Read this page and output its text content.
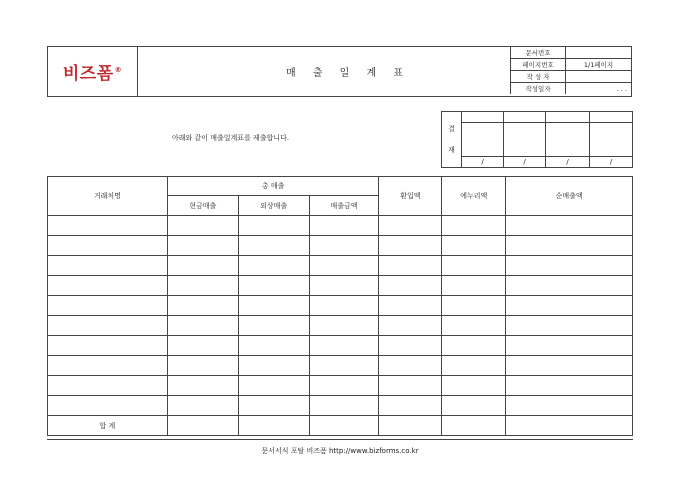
비즈폼®	매 출 일 계 표
문서번호	
페이지번호	1/1페이지
작 성 자	
작성일자	. . .
아래와 같이 매출일계표를 제출합니다.
결
재
/	/	/	/
거래처명	총 매출			환입액	에누리액	순매출액
	현금매출	외상매출	매출금액			

합 계						
문서서식 포탈 비즈폼 http://www.bizforms.co.kr
